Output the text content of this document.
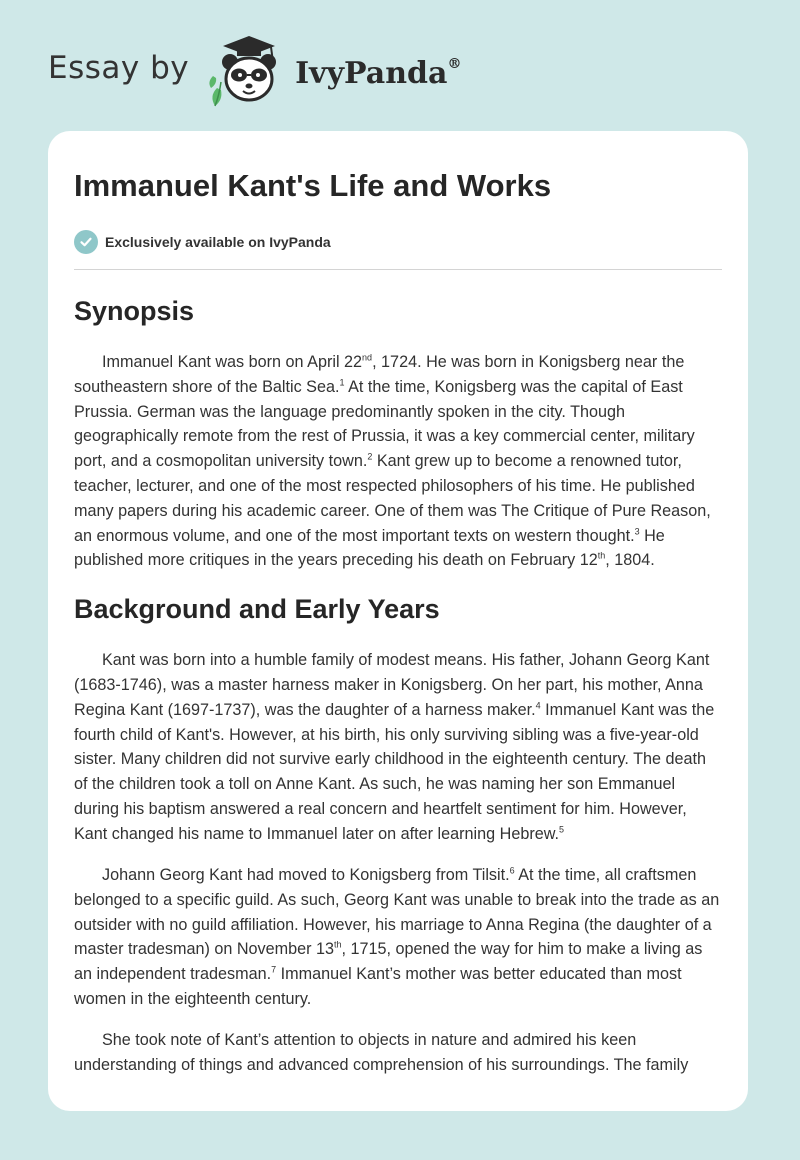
Essay by	IvyPanda®
Immanuel Kant's Life and Works
Exclusively available on IvyPanda
Synopsis

Immanuel Kant was born on April 22nd, 1724. He was born in Konigsberg near the southeastern shore of the Baltic Sea.$^1$ At the time, Konigsberg was the capital of East Prussia. German was the language predominantly spoken in the city. Though geographically remote from the rest of Prussia, it was a key commercial center, military port, and a cosmopolitan university town.$^2$ Kant grew up to become a renowned tutor, teacher, lecturer, and one of the most respected philosophers of his time. He published many papers during his academic career. One of them was The Critique of Pure Reason, an enormous volume, and one of the most important texts on western thought.$^3$ He published more critiques in the years preceding his death on February 12th, 1804.

Background and Early Years

Kant was born into a humble family of modest means. His father, Johann Georg Kant (1683-1746), was a master harness maker in Konigsberg. On her part, his mother, Anna Regina Kant (1697-1737), was the daughter of a harness maker.$^4$ Immanuel Kant was the fourth child of Kant's. However, at his birth, his only surviving sibling was a five-year-old sister. Many children did not survive early childhood in the eighteenth century. The death of the children took a toll on Anne Kant. As such, he was naming her son Emmanuel during his baptism answered a real concern and heartfelt sentiment for him. However, Kant changed his name to Immanuel later on after learning Hebrew.$^5$

Johann Georg Kant had moved to Konigsberg from Tilsit.$^6$ At the time, all craftsmen belonged to a specific guild. As such, Georg Kant was unable to break into the trade as an outsider with no guild affiliation. However, his marriage to Anna Regina (the daughter of a master tradesman) on November 13th, 1715, opened the way for him to make a living as an independent tradesman.$^7$ Immanuel Kant’s mother was better educated than most women in the eighteenth century.

She took note of Kant’s attention to objects in nature and admired his keen understanding of things and advanced comprehension of his surroundings. The family
